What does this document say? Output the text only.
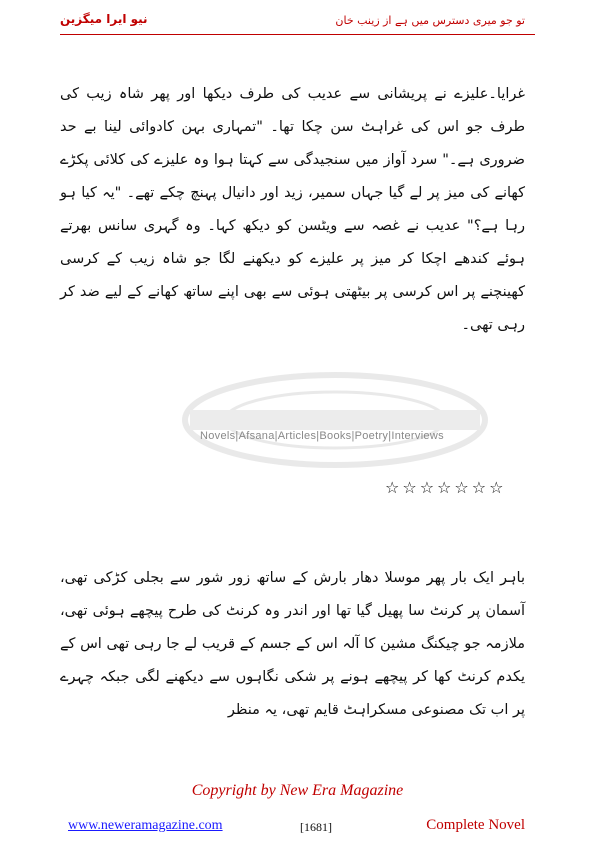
نیو ایرا میگزین	تو جو میری دسترس میں ہے از زینب خان
Novels|Afsana|Articles|Books|Poetry|Interviews
غرایا۔علیزے نے پریشانی سے عدیب کی طرف دیکھا اور پھر شاہ زیب کی طرف جو اس کی غراہٹ سن چکا تھا۔ "تمہاری بہن کادوائی لینا بے حد ضروری ہے۔" سرد آواز میں سنجیدگی سے کہتا ہوا وہ علیزے کی کلائی پکڑے کھانے کی میز پر لے گیا جہاں سمیر، زید اور دانیال پہنچ چکے تھے۔ "یہ کیا ہو رہا ہے؟" عدیب نے غصہ سے ویٹسن کو دیکھ کہا۔ وہ گہری سانس بھرتے ہوئے کندھے اچکا کر میز پر علیزے کو دیکھنے لگا جو شاہ زیب کے کرسی کھینچنے پر اس کرسی پر بیٹھتی ہوئی سے بھی اپنے ساتھ کھانے کے لیے ضد کر رہی تھی۔
☆☆☆☆☆☆☆
باہر ایک بار پھر موسلا دھار بارش کے ساتھ زور شور سے بجلی کڑکی تھی، آسمان پر کرنٹ سا پھیل گیا تھا اور اندر وہ کرنٹ کی طرح پیچھے ہوئی تھی، ملازمہ جو چیکنگ مشین کا آلہ اس کے جسم کے قریب لے جا رہی تھی اس کے یکدم کرنٹ کھا کر پیچھے ہونے پر شکی نگاہوں سے دیکھنے لگی جبکہ چہرے پر اب تک مصنوعی مسکراہٹ قایم تھی، یہ منظر
Copyright by New Era Magazine
www.neweramagazine.com	[1681]	Complete Novel
